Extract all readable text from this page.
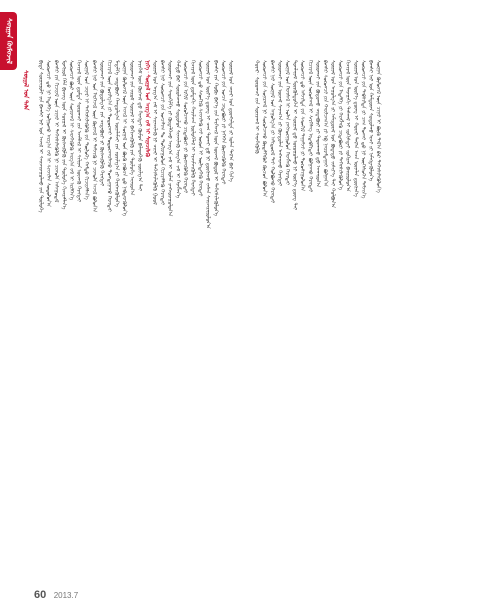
ᠰᠤᠷᠭᠠᠨ ᠬᠦᠮᠦᠵᠢᠯ
ᠰᠤᠷᠭᠠᠯ ᠤᠨ ᠲᠠᠯᠠ	ᠪᠢᠳᠡ ᠰᠤᠷᠭᠠᠭᠤᠯᠢ ᠶᠢᠨ ᠪᠠᠭᠰᠢ ᠨᠠᠷ ᠤᠨ ᠠᠵᠢᠯ ᠢ ᠰᠠᠢᠵᠢᠷᠠᠭᠤᠯᠬᠤ ᠶᠢᠨ ᠲᠥᠯᠥᠭᠡ ᠰᠤᠷᠤᠭᠴᠢ ᠳ᠋ᠤ ᠨᠢ ᠮᠡᠳᠡᠯᠭᠡ ᠣᠯᠭᠤᠬᠤ ᠠᠷᠭ᠎ᠠ ᠵᠠᠮ ᠢ ᠰᠢᠨᠵᠢᠯᠡᠨ ᠰᠤᠳᠤᠯᠤᠨ᠎ᠠ ᠪᠠᠭᠰᠢ ᠶᠢᠨ ᠬᠢᠴᠢᠶᠡᠯ ᠦᠨ ᠴᠢᠨᠠᠷ ᠢ ᠳᠡᠭᠡᠭᠰᠢᠯᠡᠭᠦᠯᠬᠦ ᠨᠢ ᠴᠢᠬᠤᠯᠠ ᠠᠰᠠᠭᠤᠳᠠᠯ ᠮᠣᠩᠭᠣᠯ ᠬᠡᠯᠡ ᠪᠢᠴᠢᠭ ᠦᠨ ᠰᠤᠷᠭᠠᠯ ᠢ ᠬᠥᠭᠵᠢᠭᠦᠯᠬᠦ ᠶᠢᠨ ᠲᠥᠯᠥᠭᠡ ᠬᠢᠴᠢᠶᠡᠯᠯᠡᠨ᠎ᠡ ᠰᠤᠷᠤᠭᠴᠢ ᠪᠦᠷ ᠦᠨ ᠰᠣᠨᠢᠷᠬᠠᠯ ᠢ ᠰᠡᠷᠡᠭᠡᠭᠦᠯᠬᠦ ᠠᠷᠭ᠎ᠠ ᠵᠠᠮ ᠢ ᠡᠷᠢᠯᠬᠡᠨ᠎ᠡ ᠬᠢᠴᠢᠶᠡᠯ ᠦᠨ ᠳ᠋ᠤᠮᠳ᠋ᠠ ᠰᠤᠷᠤᠭᠴᠢ ᠶᠢᠨ ᠡᠵᠡᠮᠰᠢᠯ ᠢ ᠰᠢᠯᠭᠠᠨ ᠦᠵᠡᠬᠦ ᠬᠡᠷᠡᠭᠲᠡᠢ ᠰᠤᠷᠭᠠᠯ ᠤᠨ ᠴᠢᠨᠠᠷ ᠢ ᠳᠡᠭᠡᠭᠰᠢᠯᠡᠭᠦᠯᠬᠦ ᠶᠢᠨ ᠲᠥᠯᠥᠭᠡ ᠬᠠᠮᠲᠤ ᠬᠢᠴᠢᠶᠡᠯᠯᠡᠨ᠎ᠡ ᠪᠠᠭᠰᠢ ᠨᠠᠷ ᠤᠨ ᠮᠡᠷᠭᠡᠵᠢᠯ ᠦᠨ ᠬᠥᠭᠵᠢᠯ ᠢ ᠳᠡᠮᠵᠢᠬᠦ ᠨᠢ ᠴᠢᠬᠤᠯᠠ ᠠᠵᠢᠯ ᠪᠣᠯᠤᠨ᠎ᠠ ᠰᠤᠷᠤᠭᠴᠢ ᠶᠢᠨ ᠪᠣᠳᠤᠯᠭ᠎ᠠ ᠶᠢᠨ ᠴᠢᠳᠠᠪᠤᠷᠢ ᠶᠢ ᠬᠥᠭᠵᠢᠭᠦᠯᠬᠦ ᠬᠡᠷᠡᠭᠲᠡᠢ ᠬᠢᠴᠢᠶᠡᠯ ᠦᠨ ᠵᠣᠷᠢᠯᠭ᠎ᠠ ᠶᠢ ᠲᠣᠳᠤᠷᠬᠠᠢ ᠲᠣᠳᠤᠷᠬᠠᠢᠯᠠᠵᠤ ᠲᠣᠭᠲᠠᠭᠠᠬᠤ ᠬᠡᠷᠡᠭᠲᠡᠢ ᠮᠡᠳᠡᠯᠭᠡ ᠴᠢᠳᠠᠪᠤᠷᠢ ᠬᠠᠨᠳᠤᠯᠭ᠎ᠠ ᠦᠨᠡᠯᠡᠮᠵᠢ ᠶᠢᠨ ᠵᠣᠷᠢᠯᠭ᠎ᠠ ᠶᠢ ᠬᠡᠷᠡᠭᠵᠢᠭᠦᠯᠦᠨ᠎ᠡ ᠰᠤᠷᠭᠠᠨ ᠬᠦᠮᠦᠵᠢᠯ ᠦᠨ ᠠᠵᠢᠯ ᠢ ᠰᠤᠷᠭᠠᠯ ᠤᠨ ᠪᠦᠬᠦ ᠶᠠᠪᠤᠴᠠ ᠳ᠋ᠤ ᠨᠡᠪᠲᠡᠷᠡᠭᠦᠯᠦᠨ᠎ᠡ ᠰᠤᠷᠤᠭᠴᠢ ᠶᠢᠨ ᠵᠢᠷᠤᠮ ᠰᠤᠷᠭᠠᠯ ᠢ ᠪᠡᠬᠢᠵᠢᠭᠦᠯᠬᠦ ᠶᠢᠨ ᠲᠥᠯᠥᠭᠡ ᠠᠨᠠᠷᠤᠨ᠎ᠠ ᠨᠡᠶᠢᠭᠡᠮ ᠦᠨ ᠬᠥᠭᠵᠢᠯ ᠳ᠋ᠦ ᠬᠡᠷᠡᠭᠲᠡᠢ ᠬᠦᠮᠦᠨ ᠪᠡᠯᠡᠳᠭᠡᠬᠦ ᠵᠣᠷᠢᠯᠭ᠎ᠠ ᠲᠠᠢ ᠨᠢᠭᠡ᠂ ᠰᠤᠷᠭᠠᠯ ᠤᠨ ᠠᠷᠭ᠎ᠠ ᠵᠠᠮ ᠢ ᠰᠢᠨᠡᠴᠢᠯᠡᠬᠦ ᠰᠤᠷᠭᠠᠯ ᠤᠨ ᠠᠷᠭ᠎ᠠ ᠵᠠᠮ ᠢ ᠰᠢᠨᠡᠴᠢᠯᠡᠬᠦ ᠨᠢ ᠴᠢᠨᠠᠷ ᠢ ᠳᠡᠭᠡᠭᠰᠢᠯᠡᠭᠦᠯᠬᠦ ᠭᠣᠣᠯ ᠪᠠᠭᠰᠢ ᠨᠠᠷ ᠰᠤᠷᠤᠭᠴᠢ ᠶᠢᠨ ᠣᠨᠴᠠᠯᠢᠭ ᠲᠤ ᠲᠣᠬᠢᠷᠠᠭᠤᠯᠤᠨ ᠬᠢᠴᠢᠶᠡᠯᠯᠡᠬᠦ ᠬᠡᠷᠡᠭᠲᠡᠢ ᠰᠤᠷᠤᠭᠴᠢ ᠶᠢᠨ ᠰᠡᠳᠬᠢᠯᠭᠡ ᠶᠢ ᠬᠥᠳᠡᠯᠭᠡᠵᠦ ᠠᠷᠭ᠎ᠠ ᠵᠠᠮ ᠢ ᠣᠯᠠᠨ ᠶᠠᠩᠵᠤᠷᠠᠭᠤᠯᠤᠨ᠎ᠠ ᠬᠠᠮᠲᠤ ᠪᠠᠷ ᠰᠤᠷᠤᠯᠴᠠᠬᠤ ᠰᠤᠳᠤᠯᠤᠨ ᠰᠢᠨᠵᠢᠯᠡᠬᠦ ᠠᠷᠭ᠎ᠠ ᠵᠠᠮ ᠢ ᠬᠡᠷᠡᠭᠯᠡᠨ᠎ᠡ ᠰᠤᠷᠤᠭᠴᠢ ᠶᠢᠨ ᠡᠷᠬᠢᠮ ᠰᠤᠷᠤᠯᠴᠠᠬᠤ ᠴᠢᠳᠠᠪᠤᠷᠢ ᠶᠢ ᠬᠥᠭᠵᠢᠭᠦᠯᠬᠦ ᠬᠡᠷᠡᠭᠲᠡᠢ ᠬᠢᠴᠢᠶᠡᠯ ᠦᠨ ᠳ᠋ᠤᠮᠳ᠋ᠠᠬᠢ ᠬᠠᠷᠢᠯᠴᠠᠨ ᠨᠥᠯᠥᠭᠡᠯᠡᠯ ᠢ ᠡᠷᠴᠢᠮᠵᠢᠭᠦᠯᠬᠦ ᠬᠡᠷᠡᠭᠲᠡᠢ ᠰᠤᠷᠤᠭᠴᠢ ᠳ᠋ᠤ ᠰᠡᠳᠬᠢᠬᠦ ᠰᠢᠨᠵᠢᠯᠡᠬᠦ ᠵᠠᠢ ᠣᠷᠣᠨ ᠢ ᠦᠯᠡᠳᠡᠭᠡᠬᠦ ᠬᠡᠷᠡᠭᠲᠡᠢ ᠰᠤᠷᠭᠠᠯ ᠤᠨ ᠦᠷ᠎ᠡ ᠳ᠋ᠦᠩ ᠢ ᠴᠠᠭ ᠲᠤᠬᠠᠢ ᠳ᠋ᠤ ᠨᠢ ᠳ᠋ᠦᠭᠨᠡᠵᠦ ᠵᠠᠰᠠᠨ ᠰᠠᠢᠵᠢᠷᠠᠭᠤᠯᠤᠨ᠎ᠠ ᠪᠠᠭᠰᠢ ᠶᠢᠨ ᠬᠤᠪᠢ ᠪᠡᠶ᠎ᠡ ᠶᠢᠨ ᠮᠡᠷᠭᠡᠵᠢᠯ ᠦᠨ ᠦᠵᠡᠯ ᠪᠣᠳᠤᠯ ᠢ ᠳᠡᠭᠡᠭᠰᠢᠯᠡᠭᠦᠯᠦᠨ᠎ᠡ ᠰᠤᠷᠤᠭᠴᠢ ᠶᠢᠨ ᠣᠨᠴᠠ ᠴᠢᠳᠠᠪᠤᠷᠢ ᠶᠢ ᠨᠡᠭᠡᠭᠡᠨ ᠬᠥᠭᠵᠢᠭᠦᠯᠬᠦ ᠬᠡᠷᠡᠭᠲᠡᠢ ᠰᠤᠷᠭᠠᠯ ᠤᠨ ᠴᠢᠨᠠᠷ ᠤᠨ ᠳ᠋ᠦᠩᠨᠡᠯᠲᠡ ᠶᠢ ᠣᠯᠠᠨ ᠲᠠᠯ᠎ᠠ ᠪᠠᠷ ᠬᠢᠨ᠎ᠡ	ᠬᠣᠶᠠᠷ᠂ ᠰᠤᠷᠤᠭᠴᠢ ᠶᠢᠨ ᠰᠣᠨᠢᠷᠬᠠᠯ ᠢ ᠰᠡᠷᠡᠭᠡᠭᠦᠯᠬᠦ ᠰᠤᠷᠤᠭᠴᠢ ᠶᠢᠨ ᠰᠣᠨᠢᠷᠬᠠᠯ ᠨᠢ ᠰᠤᠷᠤᠯᠴᠠᠬᠤ ᠬᠥᠳᠡᠯᠭᠡᠭᠦᠷ ᠬᠦᠴᠦᠨ ᠪᠣᠯᠤᠨ᠎ᠠ ᠪᠠᠭᠰᠢ ᠨᠠᠷ ᠰᠤᠷᠭᠠᠯ ᠤᠨ ᠠᠭᠤᠯᠭ᠎ᠠ ᠶᠢ ᠠᠮᠢᠳᠤᠷᠠᠯ ᠲᠠᠢ ᠬᠣᠯᠪᠣᠬᠤ ᠬᠡᠷᠡᠭᠲᠡᠢ ᠰᠤᠷᠤᠭᠴᠢ ᠶᠢᠨ ᠦᠵᠡᠯ ᠰᠠᠨᠠᠭ᠎ᠠ ᠶᠢ ᠬᠦᠨᠳᠦᠯᠡᠨ ᠠᠩᠬᠠᠷᠬᠤ ᠬᠡᠷᠡᠭᠲᠡᠢ ᠰᠤᠷᠭᠠᠯ ᠤᠨ ᠬᠡᠷᠡᠭᠰᠡᠯ ᠢ ᠣᠯᠠᠨ ᠶᠠᠩᠵᠤᠷᠠᠭᠤᠯᠤᠨ ᠬᠡᠷᠡᠭᠯᠡᠬᠦ ᠬᠡᠷᠡᠭᠲᠡᠢ ᠲᠣᠭᠯᠠᠭᠠᠮ ᠮᠦᠷᠭᠦᠯᠳᠦᠭᠡᠨ ᠢ ᠰᠤᠷᠭᠠᠯ ᠳ᠋ᠤ ᠣᠷᠣᠭᠤᠯᠬᠤ ᠨᠢ ᠦᠷ᠎ᠡ ᠳ᠋ᠦᠩ ᠲᠡᠢ ᠰᠤᠷᠤᠭᠴᠢ ᠳ᠋ᠤ ᠠᠮᠵᠢᠯᠲᠠ ᠶᠢᠨ ᠰᠡᠳᠬᠢᠯ ᠲᠠᠭᠠᠮᠵᠢ ᠶᠢ ᠲᠤᠷᠤᠰᠢᠭᠤᠯᠤᠨ᠎ᠠ ᠬᠢᠴᠢᠶᠡᠯ ᠦᠨ ᠤᠷᠤᠰᠬᠠᠯ ᠢ ᠰᠡᠷᠭᠡᠯᠡᠭ ᠢᠳᠡᠪᠬᠢᠲᠡᠢ ᠪᠣᠯᠭᠠᠬᠤ ᠬᠡᠷᠡᠭᠲᠡᠢ ᠰᠤᠷᠤᠭᠴᠢ ᠶᠢᠨ ᠪᠣᠳᠤᠬᠤ ᠴᠢᠳᠠᠪᠤᠷᠢ ᠶᠢ ᠳᠠᠳᠬᠠᠬᠤ ᠳ᠋ᠤ ᠠᠨᠬᠠᠷᠤᠨ᠎ᠠ ᠪᠠᠭᠰᠢ ᠰᠤᠷᠤᠭᠴᠢ ᠶᠢᠨ ᠬᠠᠷᠢᠯᠴᠠᠭ᠎ᠠ ᠶᠢ ᠡᠪ ᠨᠠᠢᠷᠠᠮᠳᠠᠭᠠᠢ ᠪᠣᠯᠭᠠᠨ᠎ᠠ ᠰᠤᠷᠭᠠᠯ ᠤᠨ ᠠᠭᠤᠯᠭ᠎ᠠ ᠶᠢ ᠠᠮᠢᠳᠤᠷᠠᠯ ᠤᠨ ᠪᠣᠳᠠᠲᠤ ᠵᠢᠱᠢᠶ᠎ᠡ ᠲᠡᠢ ᠬᠣᠯᠪᠣᠨ᠎ᠠ ᠰᠤᠷᠤᠭᠴᠢ ᠶᠢᠨ ᠮᠡᠳᠡᠯᠭᠡ ᠶᠢ ᠬᠡᠷᠡᠭᠯᠡᠬᠦ ᠴᠢᠳᠠᠪᠤᠷᠢ ᠶᠢ ᠳᠡᠭᠡᠭᠰᠢᠯᠡᠭᠦᠯᠦᠨ᠎ᠡ ᠬᠢᠴᠢᠶᠡᠯ ᠦᠨ ᠳᠠᠷᠠᠭᠠᠬᠢ ᠳᠠᠰᠬᠠᠯ ᠢ ᠵᠣᠬᠢᠰᠲᠠᠢ ᠵᠣᠬᠢᠶᠠᠨ ᠪᠠᠢᠭᠤᠯᠤᠨ᠎ᠠ ᠰᠤᠷᠭᠠᠯ ᠤᠨ ᠦᠷ᠎ᠡ ᠳ᠋ᠦᠩ ᠢ ᠬᠣᠶᠠᠷ ᠲᠠᠯ᠎ᠠ ᠠᠴᠠ ᠦᠨᠡᠯᠡᠨ ᠳ᠋ᠦᠭᠨᠡᠨ᠎ᠡ ᠰᠤᠷᠤᠭᠴᠢ ᠶᠢᠨ ᠳᠠᠪᠰᠢᠯᠲᠠ ᠶᠢ ᠴᠠᠭ ᠲᠤᠬᠠᠢ ᠳ᠋ᠤ ᠨᠢ ᠥᠭᠡᠰᠦᠭᠡᠨ ᠳᠡᠮᠵᠢᠨ᠎ᠡ ᠪᠠᠭᠰᠢ ᠨᠠᠷ ᠤᠨ ᠬᠠᠮᠲᠤᠷᠠᠨ ᠰᠤᠳᠤᠯᠬᠤ ᠡᠷᠴᠢ ᠶᠢ ᠨᠡᠮᠡᠭᠳᠡᠭᠦᠯᠦᠨ᠎ᠡ ᠰᠤᠷᠭᠠᠨ ᠬᠦᠮᠦᠵᠢᠯ ᠦᠨ ᠴᠢᠨᠠᠷ ᠢ ᠪᠦᠬᠦ ᠲᠠᠯ᠎ᠠ ᠪᠠᠷ ᠳᠡᠭᠡᠭᠰᠢᠯᠡᠭᠦᠯᠦᠨ᠎ᠡ
60 2013.7
